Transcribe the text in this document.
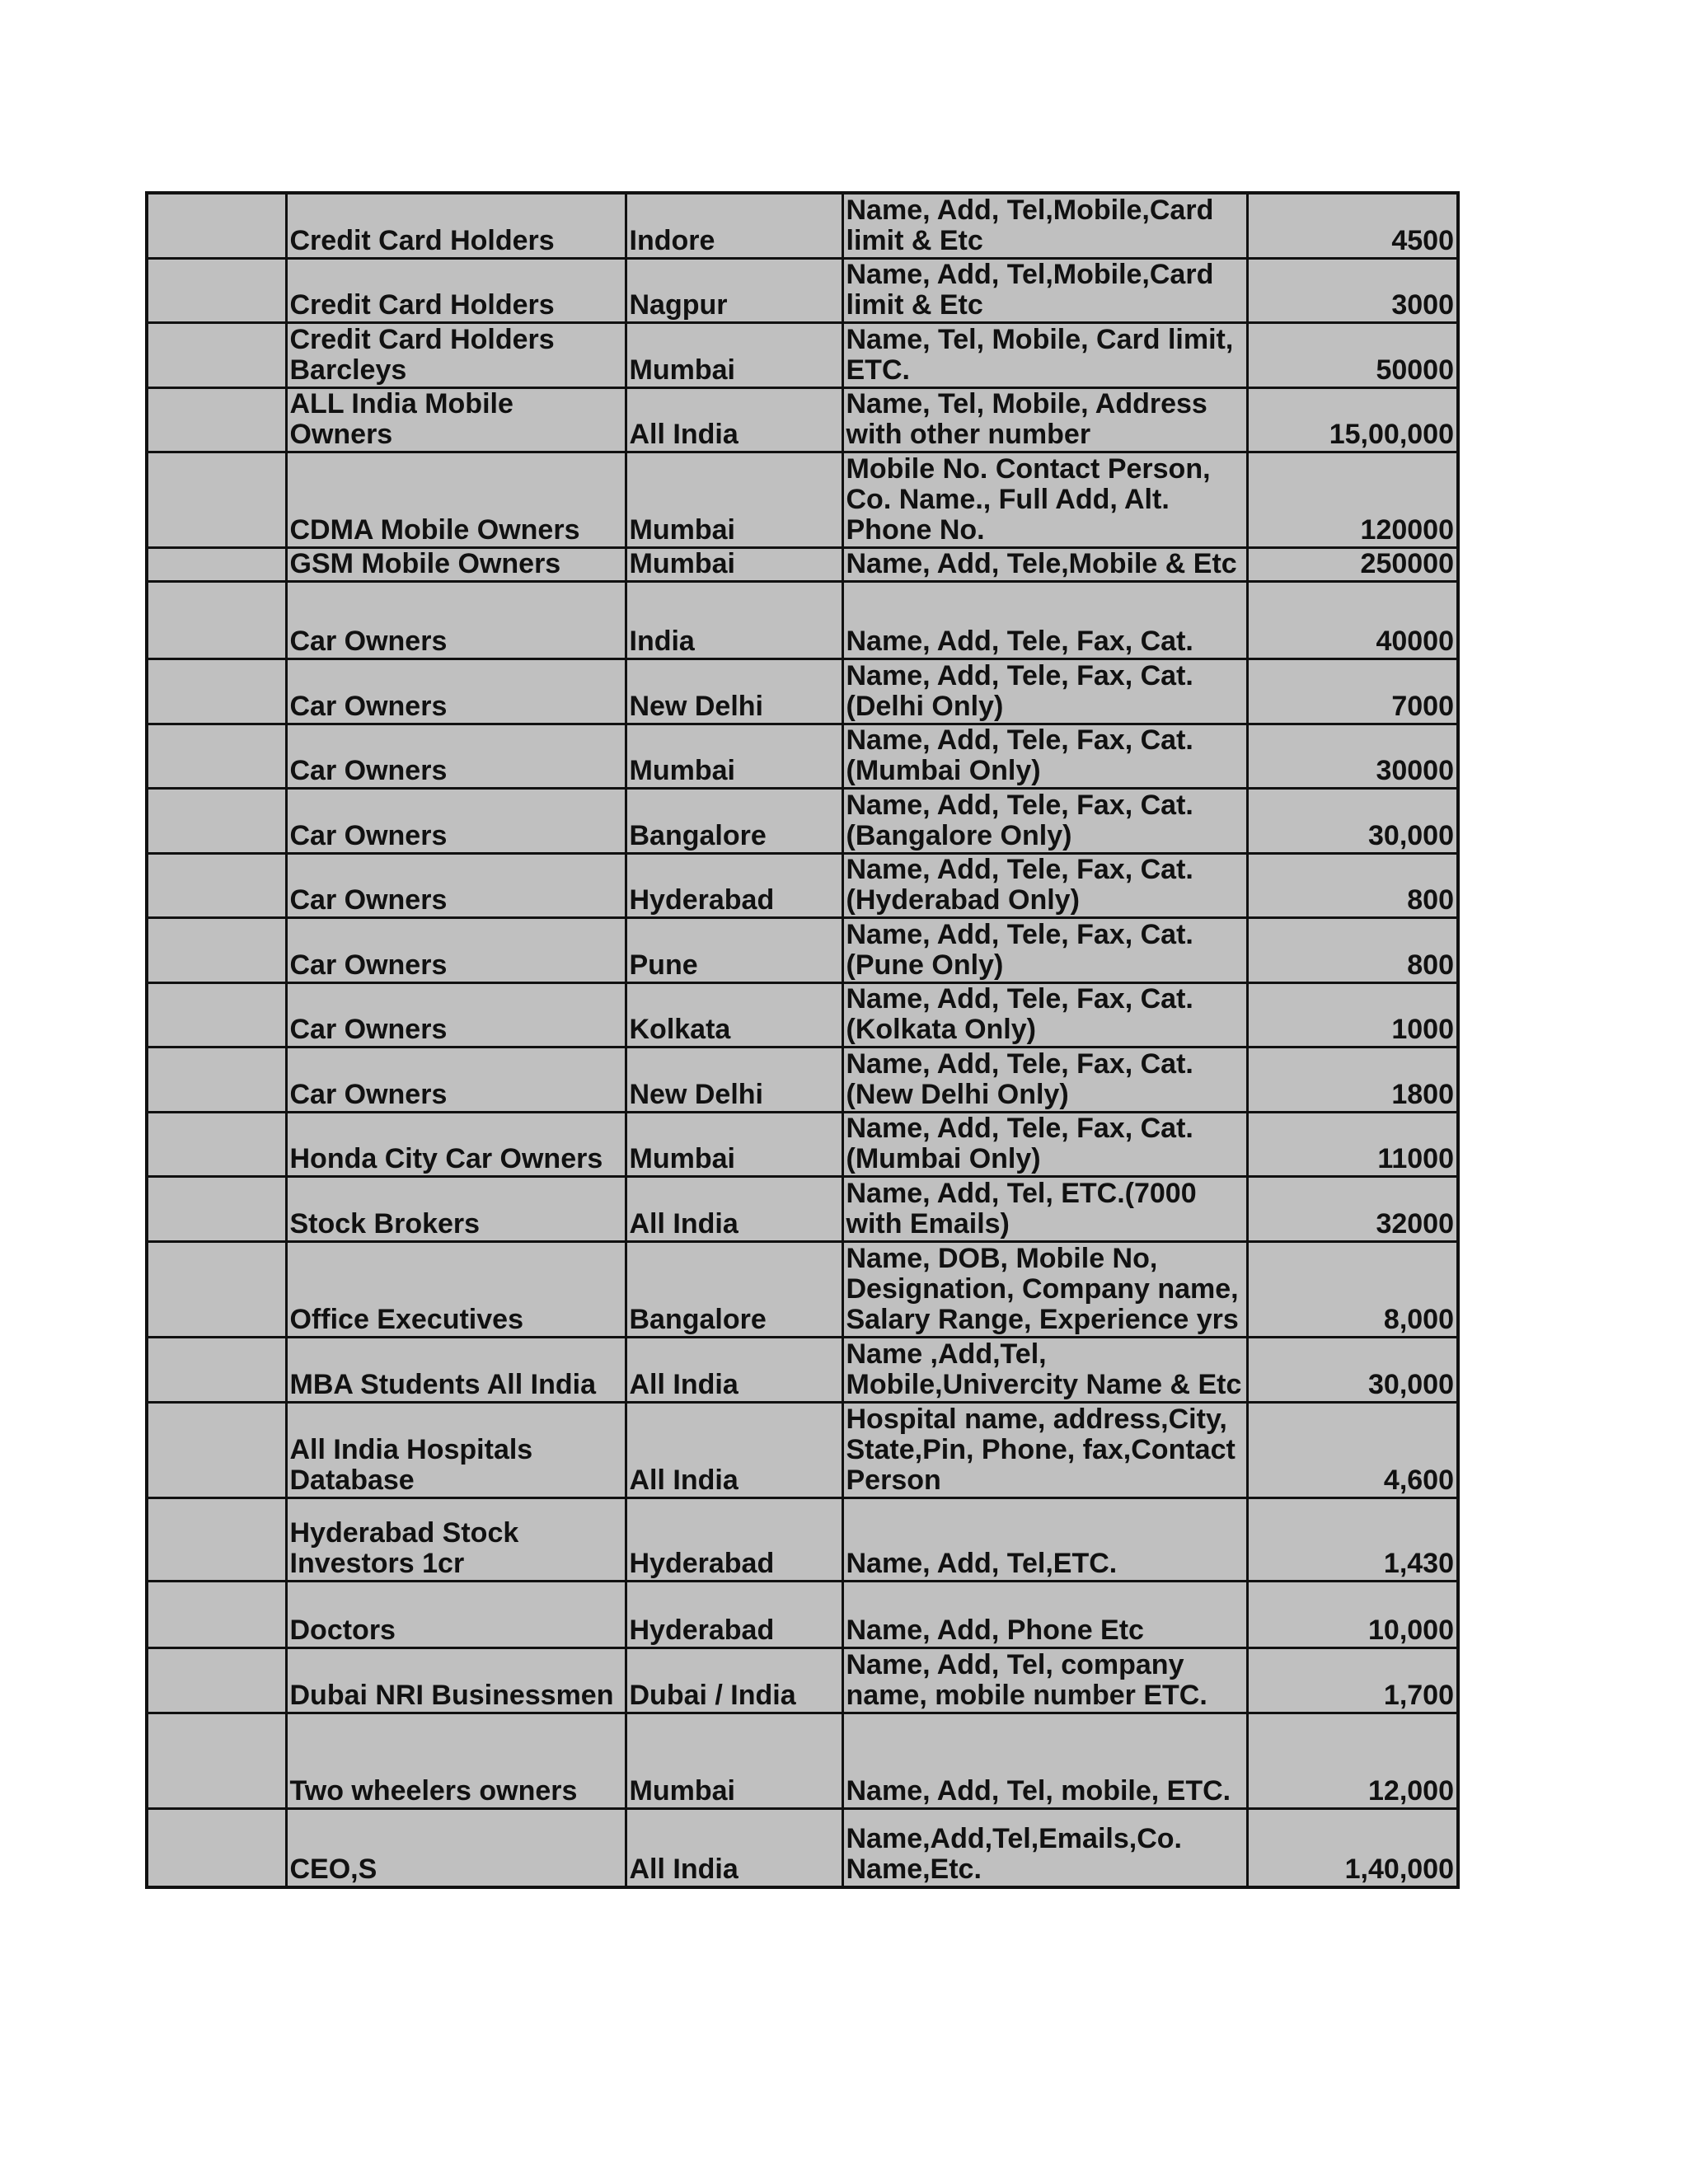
	Credit Card Holders	Indore	Name, Add, Tel,Mobile,Card
limit & Etc	4500
	Credit Card Holders	Nagpur	Name, Add, Tel,Mobile,Card
limit & Etc	3000
	Credit Card Holders
Barcleys	Mumbai	Name, Tel, Mobile, Card limit,
ETC.	50000
	ALL India Mobile Owners	All India	Name, Tel, Mobile, Address
with other number	15,00,000
	CDMA Mobile Owners	Mumbai	Mobile No. Contact Person,
Co. Name., Full Add, Alt.
Phone No.	120000
	GSM Mobile Owners	Mumbai	Name, Add, Tele,Mobile & Etc	250000
	Car Owners	India	Name, Add, Tele, Fax, Cat.	40000
	Car Owners	New Delhi	Name, Add, Tele, Fax, Cat.
(Delhi Only)	7000
	Car Owners	Mumbai	Name, Add, Tele, Fax, Cat.
(Mumbai Only)	30000
	Car Owners	Bangalore	Name, Add, Tele, Fax, Cat.
(Bangalore Only)	30,000
	Car Owners	Hyderabad	Name, Add, Tele, Fax, Cat.
(Hyderabad Only)	800
	Car Owners	Pune	Name, Add, Tele, Fax, Cat.
(Pune Only)	800
	Car Owners	Kolkata	Name, Add, Tele, Fax, Cat.
(Kolkata Only)	1000
	Car Owners	New Delhi	Name, Add, Tele, Fax, Cat.
(New Delhi Only)	1800
	Honda City Car Owners	Mumbai	Name, Add, Tele, Fax, Cat.
(Mumbai Only)	11000
	Stock Brokers	All India	Name, Add, Tel, ETC.(7000
with Emails)	32000
	Office Executives	Bangalore	Name, DOB, Mobile No,
Designation, Company name,
Salary Range, Experience yrs	8,000
	MBA Students All India	All India	Name ,Add,Tel,
Mobile,Univercity Name & Etc	30,000
	All India Hospitals
Database	All India	Hospital name, address,City,
State,Pin, Phone, fax,Contact
Person	4,600
	Hyderabad Stock
Investors 1cr	Hyderabad	Name, Add, Tel,ETC.	1,430
	Doctors	Hyderabad	Name, Add, Phone Etc	10,000
	Dubai NRI Businessmen	Dubai / India	Name, Add, Tel, company
name, mobile number ETC.	1,700
	Two wheelers owners	Mumbai	Name, Add, Tel, mobile, ETC.	12,000
	CEO,S	All India	Name,Add,Tel,Emails,Co.
Name,Etc.	1,40,000
